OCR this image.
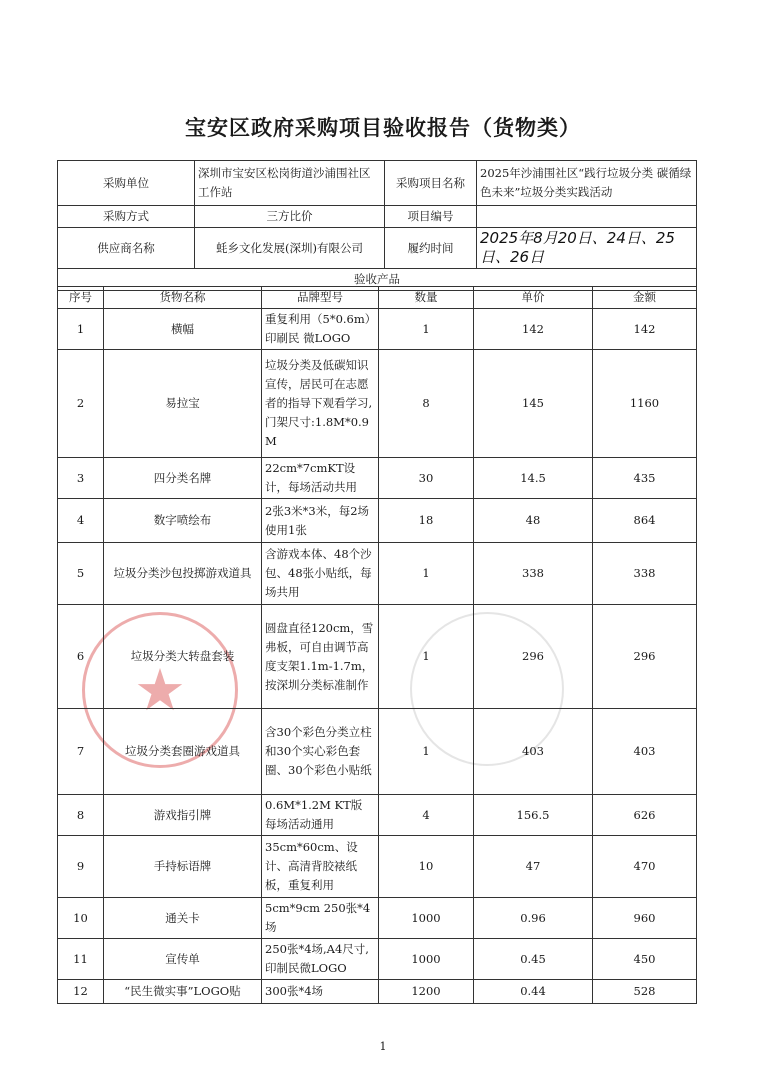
宝安区政府采购项目验收报告（货物类）
★
采购单位	深圳市宝安区松岗街道沙浦围社区工作站	采购项目名称	2025年沙浦围社区“践行垃圾分类 碳循绿色未来”垃圾分类实践活动
采购方式	三方比价	项目编号	
供应商名称	蚝乡文化发展(深圳)有限公司	履约时间	2025年8月20日、24日、25日、26日
验收产品			
序号	货物名称	品牌型号	数量	单价	金额
1	横幅	重复利用（5*0.6m）印刷民 微LOGO	1	142	142
2	易拉宝	垃圾分类及低碳知识宣传，居民可在志愿者的指导下观看学习,门架尺寸:1.8M*0.9M	8	145	1160
3	四分类名牌	22cm*7cmKT设计，每场活动共用	30	14.5	435
4	数字喷绘布	2张3米*3米，每2场使用1张	18	48	864
5	垃圾分类沙包投掷游戏道具	含游戏本体、48个沙包、48张小贴纸，每场共用	1	338	338
6	垃圾分类大转盘套装	圆盘直径120cm，雪弗板，可自由调节高度支架1.1m-1.7m，按深圳分类标准制作	1	296	296
7	垃圾分类套圈游戏道具	含30个彩色分类立柱和30个实心彩色套圈、30个彩色小贴纸	1	403	403
8	游戏指引牌	0.6M*1.2M KT版 每场活动通用	4	156.5	626
9	手持标语牌	35cm*60cm、设计、高清背胶裱纸板，重复利用	10	47	470
10	通关卡	5cm*9cm 250张*4场	1000	0.96	960
11	宣传单	250张*4场,A4尺寸,印制民微LOGO	1000	0.45	450
12	“民生微实事”LOGO贴	300张*4场	1200	0.44	528
1
